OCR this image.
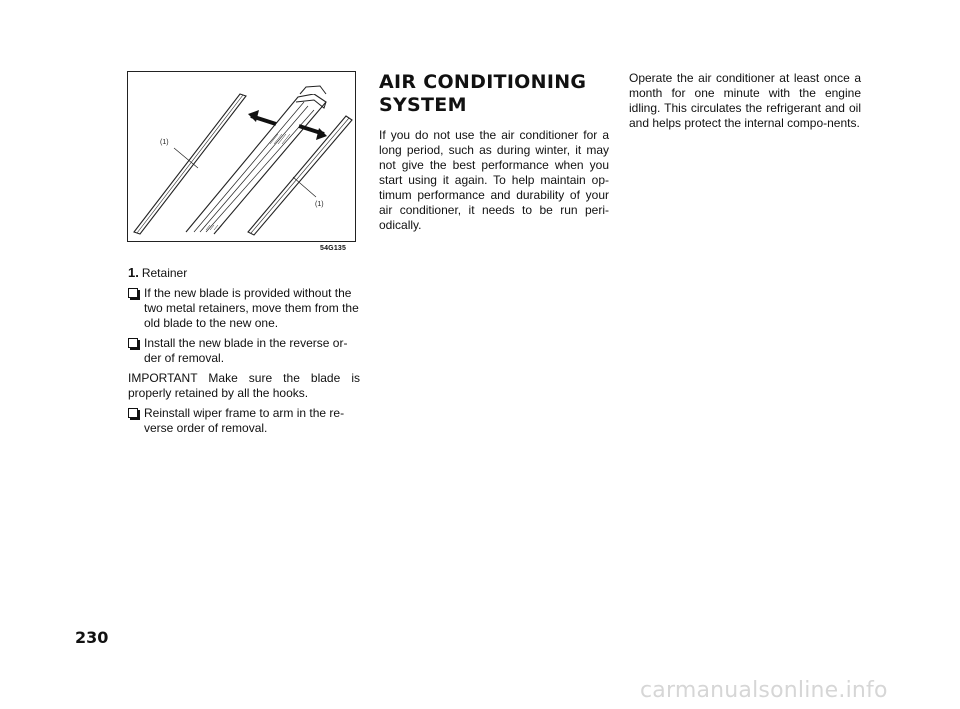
(1)
(1)
54G135

1. Retainer

If the new blade is provided without the two metal retainers, move them from the old blade to the new one.
Install the new blade in the reverse or-der of removal.

IMPORTANT Make sure the blade is properly retained by all the hooks.

Reinstall wiper frame to arm in the re-verse order of removal.
AIR CONDITIONING
SYSTEM

If you do not use the air conditioner for a long period, such as during winter, it may not give the best performance when you start using it again. To help maintain op-timum performance and durability of your air conditioner, it needs to be run peri-odically.

Operate the air conditioner at least once a month for one minute with the engine idling. This circulates the refrigerant and oil and helps protect the internal compo-nents.

230
carmanualsonline.info
